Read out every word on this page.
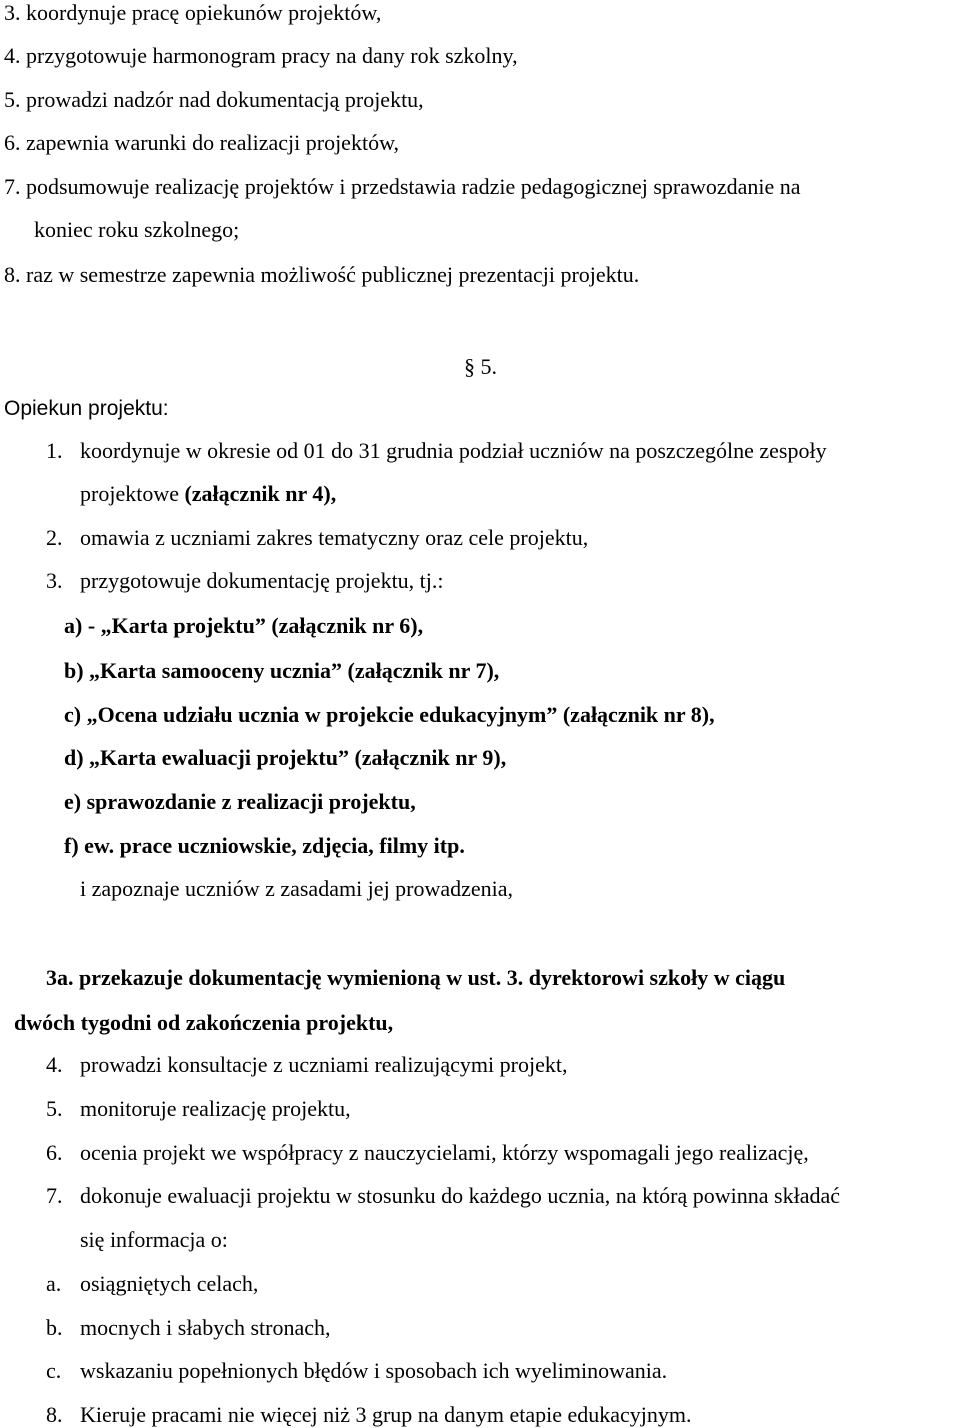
3. koordynuje pracę opiekunów projektów,
4. przygotowuje harmonogram pracy na dany rok szkolny,
5. prowadzi nadzór nad dokumentacją projektu,
6. zapewnia warunki do realizacji projektów,
7. podsumowuje realizację projektów i przedstawia radzie pedagogicznej sprawozdanie na
koniec roku szkolnego;
8. raz w semestrze zapewnia możliwość publicznej prezentacji projektu.
§ 5.
Opiekun projektu:
1. koordynuje w okresie od 01 do 31 grudnia podział uczniów na poszczególne zespoły
projektowe (załącznik nr 4),
2. omawia z uczniami zakres tematyczny oraz cele projektu,
3. przygotowuje dokumentację projektu, tj.:
a) - „Karta projektu” (załącznik nr 6),
b) „Karta samooceny ucznia” (załącznik nr 7),
c) „Ocena udziału ucznia w projekcie edukacyjnym” (załącznik nr 8),
d) „Karta ewaluacji projektu” (załącznik nr 9),
e) sprawozdanie z realizacji projektu,
f) ew. prace uczniowskie, zdjęcia, filmy itp.
i zapoznaje uczniów z zasadami jej prowadzenia,
3a. przekazuje dokumentację wymienioną w ust. 3. dyrektorowi szkoły w ciągu
dwóch tygodni od zakończenia projektu,
4. prowadzi konsultacje z uczniami realizującymi projekt,
5. monitoruje realizację projektu,
6. ocenia projekt we współpracy z nauczycielami, którzy wspomagali jego realizację,
7. dokonuje ewaluacji projektu w stosunku do każdego ucznia, na którą powinna składać
się informacja o:
a. osiągniętych celach,
b. mocnych i słabych stronach,
c. wskazaniu popełnionych błędów i sposobach ich wyeliminowania.
8. Kieruje pracami nie więcej niż 3 grup na danym etapie edukacyjnym.
